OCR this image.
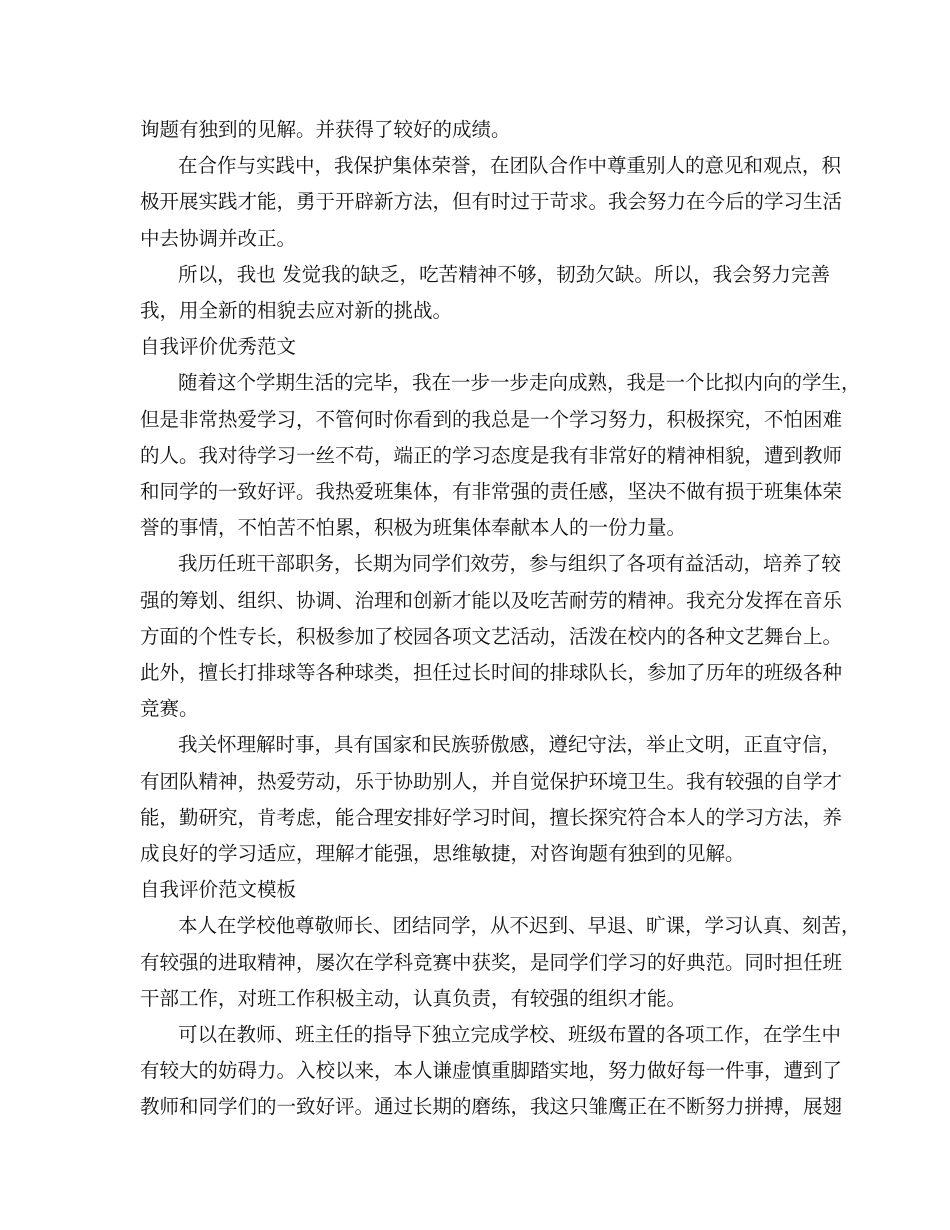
询题有独到的见解。并获得了较好的成绩。

在合作与实践中，我保护集体荣誉，在团队合作中尊重别人的意见和观点，积

极开展实践才能，勇于开辟新方法，但有时过于苛求。我会努力在今后的学习生活

中去协调并改正。

所以，我也 发觉我的缺乏，吃苦精神不够，韧劲欠缺。所以，我会努力完善

我，用全新的相貌去应对新的挑战。

自我评价优秀范文

随着这个学期生活的完毕，我在一步一步走向成熟，我是一个比拟内向的学生，

但是非常热爱学习，不管何时你看到的我总是一个学习努力，积极探究，不怕困难

的人。我对待学习一丝不苟，端正的学习态度是我有非常好的精神相貌，遭到教师

和同学的一致好评。我热爱班集体，有非常强的责任感，坚决不做有损于班集体荣

誉的事情，不怕苦不怕累，积极为班集体奉献本人的一份力量。

我历任班干部职务，长期为同学们效劳，参与组织了各项有益活动，培养了较

强的筹划、组织、协调、治理和创新才能以及吃苦耐劳的精神。我充分发挥在音乐

方面的个性专长，积极参加了校园各项文艺活动，活泼在校内的各种文艺舞台上。

此外，擅长打排球等各种球类，担任过长时间的排球队长，参加了历年的班级各种

竞赛。

我关怀理解时事，具有国家和民族骄傲感，遵纪守法，举止文明，正直守信，

有团队精神，热爱劳动，乐于协助别人，并自觉保护环境卫生。我有较强的自学才

能，勤研究，肯考虑，能合理安排好学习时间，擅长探究符合本人的学习方法，养

成良好的学习适应，理解才能强，思维敏捷，对咨询题有独到的见解。

自我评价范文模板

本人在学校他尊敬师长、团结同学，从不迟到、早退、旷课，学习认真、刻苦，

有较强的进取精神，屡次在学科竞赛中获奖，是同学们学习的好典范。同时担任班

干部工作，对班工作积极主动，认真负责，有较强的组织才能。

可以在教师、班主任的指导下独立完成学校、班级布置的各项工作，在学生中

有较大的妨碍力。入校以来，本人谦虚慎重脚踏实地，努力做好每一件事，遭到了

教师和同学们的一致好评。通过长期的磨练，我这只雏鹰正在不断努力拼搏，展翅
